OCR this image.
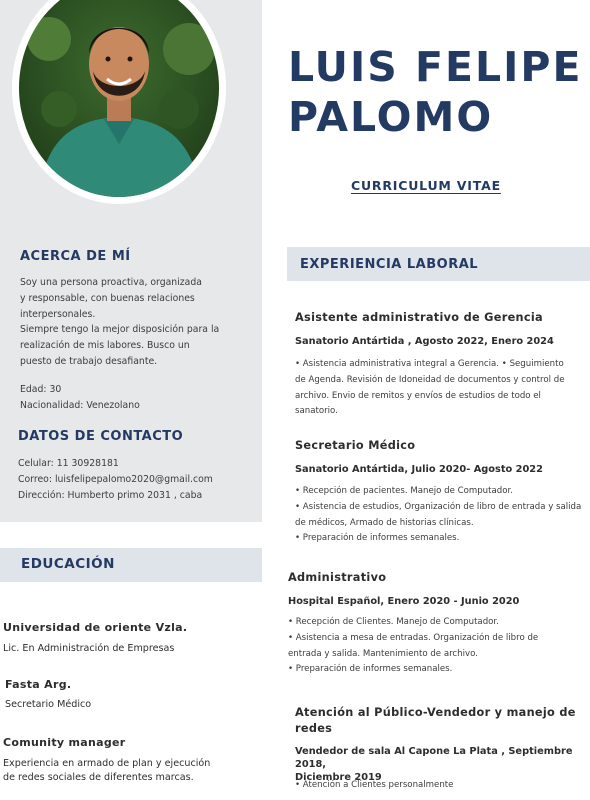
ACERCA DE MÍ
Soy una persona proactiva, organizada
y responsable, con buenas relaciones
interpersonales.
Siempre tengo la mejor disposición para la
realización de mis labores. Busco un
puesto de trabajo desafiante.
Edad: 30
Nacionalidad: Venezolano
DATOS DE CONTACTO
Celular: 11 30928181
Correo: luisfelipepalomo2020@gmail.com
Dirección: Humberto primo 2031 , caba
LUIS FELIPE
PALOMO
CURRICULUM VITAE
EXPERIENCIA LABORAL
Asistente administrativo de Gerencia
Sanatorio Antártida , Agosto 2022, Enero 2024
• Asistencia administrativa integral a Gerencia. • Seguimiento
de Agenda. Revisión de Idoneidad de documentos y control de
archivo. Envio de remitos y envíos de estudios de todo el
sanatorio.
Secretario Médico
Sanatorio Antártida, Julio 2020- Agosto 2022
• Recepción de pacientes. Manejo de Computador.
• Asistencia de estudios, Organización de libro de entrada y salida
de médicos, Armado de historias clínicas.
• Preparación de informes semanales.
Administrativo
Hospital Español, Enero 2020 - Junio 2020
• Recepción de Clientes. Manejo de Computador.
• Asistencia a mesa de entradas. Organización de libro de
entrada y salida. Mantenimiento de archivo.
• Preparación de informes semanales.
Atención al Público-Vendedor y manejo de
redes
Vendedor de sala Al Capone La Plata , Septiembre 2018,
Diciembre 2019
• Atención a Clientes personalmente
EDUCACIÓN
Universidad de oriente Vzla.
Lic. En Administración de Empresas
Fasta Arg.
Secretario Médico
Comunity manager
Experiencia en armado de plan y ejecución
de redes sociales de diferentes marcas.
